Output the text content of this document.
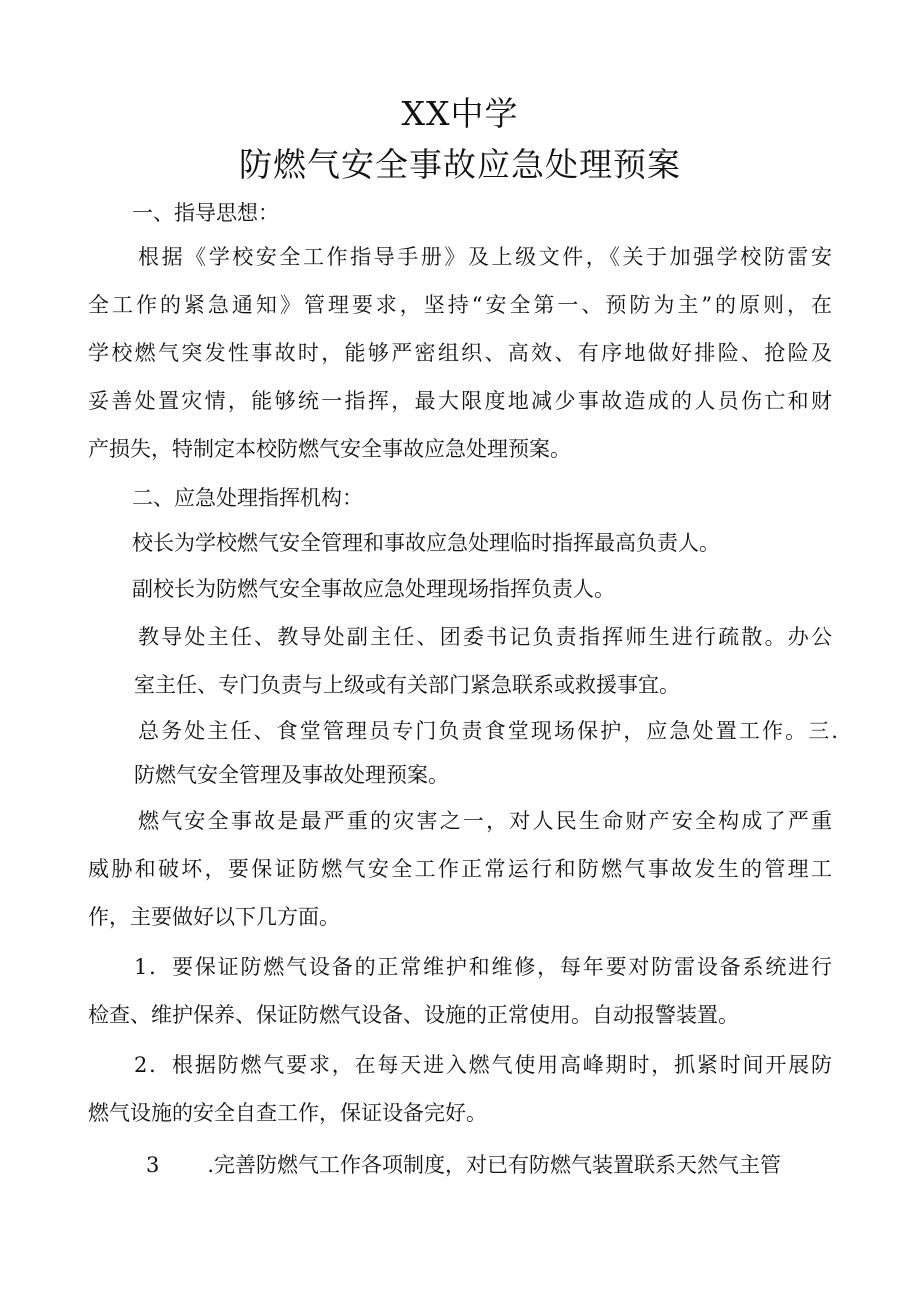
XX中学
防燃气安全事故应急处理预案
一、指导思想：
根据《学校安全工作指导手册》及上级文件，《关于加强学校防雷安
全工作的紧急通知》管理要求，坚持“安全第一、预防为主”的原则，在
学校燃气突发性事故时，能够严密组织、高效、有序地做好排险、抢险及
妥善处置灾情，能够统一指挥，最大限度地减少事故造成的人员伤亡和财
产损失，特制定本校防燃气安全事故应急处理预案。
二、应急处理指挥机构：
校长为学校燃气安全管理和事故应急处理临时指挥最高负责人。
副校长为防燃气安全事故应急处理现场指挥负责人。
教导处主任、教导处副主任、团委书记负责指挥师生进行疏散。办公
室主任、专门负责与上级或有关部门紧急联系或救援事宜。
总务处主任、食堂管理员专门负责食堂现场保护，应急处置工作。三.
防燃气安全管理及事故处理预案。
燃气安全事故是最严重的灾害之一，对人民生命财产安全构成了严重
威胁和破坏，要保证防燃气安全工作正常运行和防燃气事故发生的管理工
作，主要做好以下几方面。
1．要保证防燃气设备的正常维护和维修，每年要对防雷设备系统进行
检查、维护保养、保证防燃气设备、设施的正常使用。自动报警装置。
2．根据防燃气要求，在每天进入燃气使用高峰期时，抓紧时间开展防
燃气设施的安全自查工作，保证设备完好。
3 .完善防燃气工作各项制度，对已有防燃气装置联系天然气主管
